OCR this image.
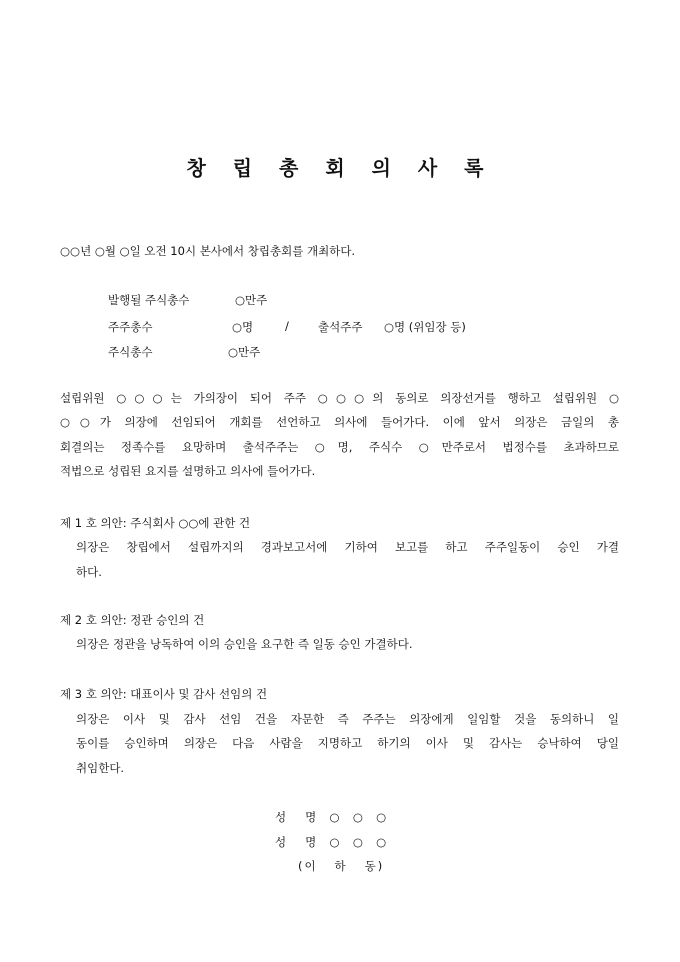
창 립 총 회 의 사 록
○○년 ○월 ○일 오전 10시 본사에서 창립총회를 개최하다.
발행될 주식총수	○만주
주주총수	○명	/	출석주주 ○명 (위임장 등)
주식총수	○만주
설립위원 ○○○는 가의장이 되어 주주 ○○○의 동의로 의장선거를 행하고 설립위원 ○
○○가 의장에 선임되어 개회를 선언하고 의사에 들어가다. 이에 앞서 의장은 금일의 총
회결의는 정족수를 요망하며 출석주주는 ○명, 주식수 ○만주로서 법정수를 초과하므로
적법으로 성립된 요지를 설명하고 의사에 들어가다.
제 1 호 의안: 주식회사 ○○에 관한 건
의장은 창립에서 설립까지의 경과보고서에 기하여 보고를 하고 주주일동이 승인 가결
하다.
제 2 호 의안: 정관 승인의 건
의장은 정관을 낭독하여 이의 승인을 요구한 즉 일동 승인 가결하다.
제 3 호 의안: 대표이사 및 감사 선임의 건
의장은 이사 및 감사 선임 건을 자문한 즉 주주는 의장에게 일임할 것을 동의하니 일
동이를 승인하며 의장은 다음 사람을 지명하고 하기의 이사 및 감사는 승낙하여 당일
취임한다.
성   명  ○  ○  ○
성   명  ○  ○  ○
(이   하   동)
